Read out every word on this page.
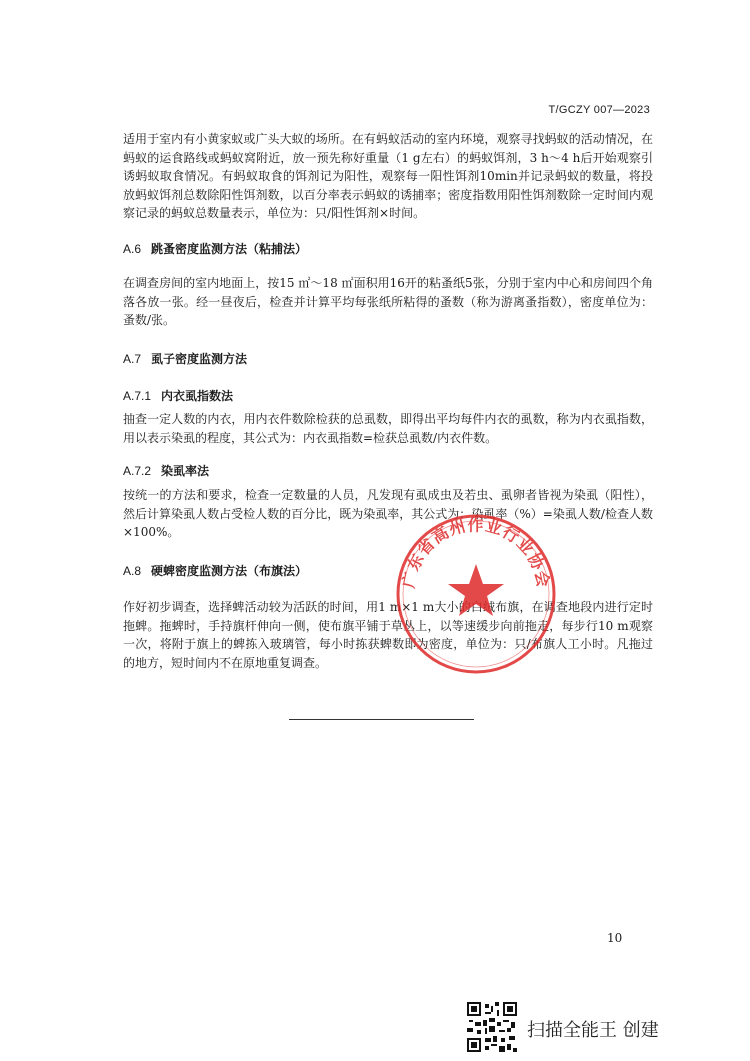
T/GCZY 007—2023

适用于室内有小黄家蚁或广头大蚁的场所。在有蚂蚁活动的室内环境，观察寻找蚂蚁的活动情况，在蚂蚁的运食路线或蚂蚁窝附近，放一预先称好重量（1 g左右）的蚂蚁饵剂，3 h～4 h后开始观察引诱蚂蚁取食情况。有蚂蚁取食的饵剂记为阳性，观察每一阳性饵剂10min并记录蚂蚁的数量，将投放蚂蚁饵剂总数除阳性饵剂数，以百分率表示蚂蚁的诱捕率；密度指数用阳性饵剂数除一定时间内观察记录的蚂蚁总数量表示，单位为：只/阳性饵剂×时间。

A.6 跳蚤密度监测方法（粘捕法）

在调查房间的室内地面上，按15 ㎡～18 ㎡面积用16开的粘蚤纸5张，分别于室内中心和房间四个角落各放一张。经一昼夜后，检查并计算平均每张纸所粘得的蚤数（称为游离蚤指数），密度单位为：蚤数/张。

A.7 虱子密度监测方法
A.7.1 内衣虱指数法

抽查一定人数的内衣，用内衣件数除检获的总虱数，即得出平均每件内衣的虱数，称为内衣虱指数，用以表示染虱的程度，其公式为：内衣虱指数=检获总虱数/内衣件数。

A.7.2 染虱率法

按统一的方法和要求，检查一定数量的人员，凡发现有虱成虫及若虫、虱卵者皆视为染虱（阳性），然后计算染虱人数占受检人数的百分比，既为染虱率，其公式为：染虱率（%）=染虱人数/检查人数×100%。

A.8 硬蜱密度监测方法（布旗法）

作好初步调查，选择蜱活动较为活跃的时间，用1 m×1 m大小的白绒布旗，在调查地段内进行定时拖蜱。拖蜱时，手持旗杆伸向一侧，使布旗平铺于草丛上，以等速缓步向前拖走，每步行10 m观察一次，将附于旗上的蜱拣入玻璃管，每小时拣获蜱数即为密度，单位为：只/布旗人工小时。凡拖过的地方，短时间内不在原地重复调查。

广东省高州作业行业协会
10
扫描全能王 创建
